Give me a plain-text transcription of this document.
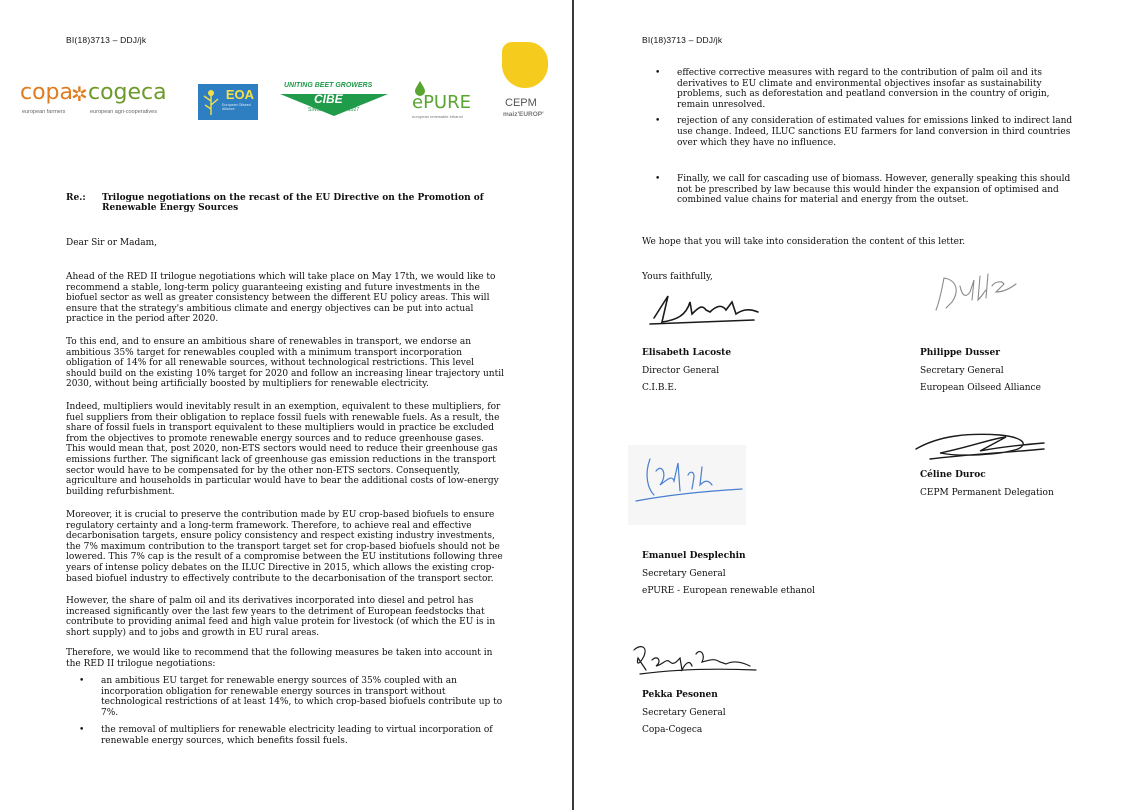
BI(18)3713 – DDJ/jk
copa
✲ cogeca
european farmers	european agri-cooperatives
EOA
European Oilseed Alliance
UNITING BEET GROWERS
CIBE
SINCE	1927	ePURE
european renewable ethanol
CEPM
maiz'EUROP'
Re.: Trilogue negotiations on the recast of the EU Directive on the Promotion of
Renewable Energy Sources
Dear Sir or Madam,

Ahead of the RED II trilogue negotiations which will take place on May 17th, we would like to recommend a stable, long-term policy guaranteeing existing and future investments in the biofuel sector as well as greater consistency between the different EU policy areas. This will ensure that the strategy's ambitious climate and energy objectives can be put into actual practice in the period after 2020.

To this end, and to ensure an ambitious share of renewables in transport, we endorse an ambitious 35% target for renewables coupled with a minimum transport incorporation obligation of 14% for all renewable sources, without technological restrictions. This level should build on the existing 10% target for 2020 and follow an increasing linear trajectory until 2030, without being artificially boosted by multipliers for renewable electricity.

Indeed, multipliers would inevitably result in an exemption, equivalent to these multipliers, for fuel suppliers from their obligation to replace fossil fuels with renewable fuels. As a result, the share of fossil fuels in transport equivalent to these multipliers would in practice be excluded from the objectives to promote renewable energy sources and to reduce greenhouse gases. This would mean that, post 2020, non-ETS sectors would need to reduce their greenhouse gas emissions further. The significant lack of greenhouse gas emission reductions in the transport sector would have to be compensated for by the other non-ETS sectors. Consequently, agriculture and households in particular would have to bear the additional costs of low-energy building refurbishment.

Moreover, it is crucial to preserve the contribution made by EU crop-based biofuels to ensure regulatory certainty and a long-term framework. Therefore, to achieve real and effective decarbonisation targets, ensure policy consistency and respect existing industry investments, the 7% maximum contribution to the transport target set for crop-based biofuels should not be lowered. This 7% cap is the result of a compromise between the EU institutions following three years of intense policy debates on the ILUC Directive in 2015, which allows the existing crop-based biofuel industry to effectively contribute to the decarbonisation of the transport sector.

However, the share of palm oil and its derivatives incorporated into diesel and petrol has increased significantly over the last few years to the detriment of European feedstocks that contribute to providing animal feed and high value protein for livestock (of which the EU is in short supply) and to jobs and growth in EU rural areas.

Therefore, we would like to recommend that the following measures be taken into account in the RED II trilogue negotiations:

• an ambitious EU target for renewable energy sources of 35% coupled with an incorporation obligation for renewable energy sources in transport without technological restrictions of at least 14%, to which crop-based biofuels contribute up to 7%.
• the removal of multipliers for renewable electricity leading to virtual incorporation of renewable energy sources, which benefits fossil fuels.
BI(18)3713 – DDJ/jk
• effective corrective measures with regard to the contribution of palm oil and its derivatives to EU climate and environmental objectives insofar as sustainability problems, such as deforestation and peatland conversion in the country of origin, remain unresolved.
• rejection of any consideration of estimated values for emissions linked to indirect land use change. Indeed, ILUC sanctions EU farmers for land conversion in third countries over which they have no influence.
• Finally, we call for cascading use of biomass. However, generally speaking this should not be prescribed by law because this would hinder the expansion of optimised and combined value chains for material and energy from the outset.
We hope that you will take into consideration the content of this letter.
Yours faithfully,
Elisabeth Lacoste
Director General
C.I.B.E.
Philippe Dusser
Secretary General
European Oilseed Alliance
Céline Duroc
CEPM Permanent Delegation
Emanuel Desplechin
Secretary General
ePURE - European renewable ethanol
Pekka Pesonen
Secretary General
Copa-Cogeca
